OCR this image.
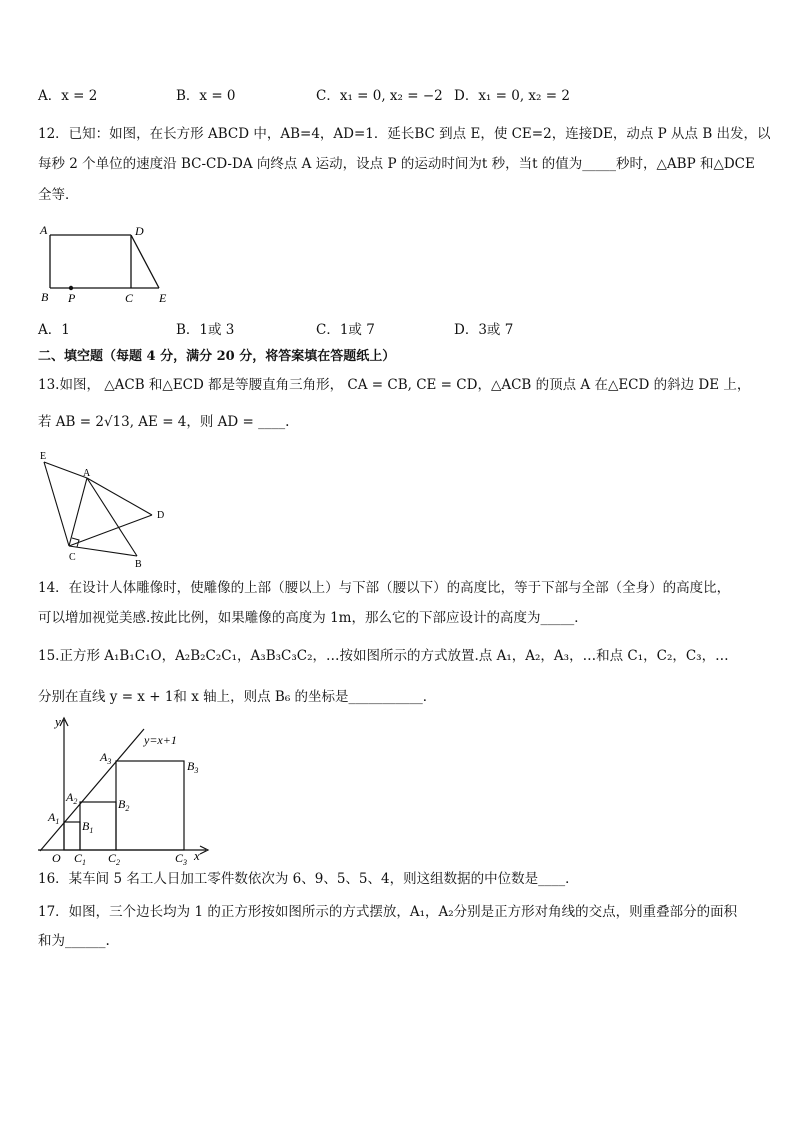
A．x = 2	B．x = 0	C．x₁ = 0, x₂ = −2 D．x₁ = 0, x₂ = 2
12．已知：如图，在长方形 ABCD 中，AB=4，AD=1．延长BC 到点 E，使 CE=2，连接DE，动点 P 从点 B 出发，以
每秒 2 个单位的速度沿 BC-CD-DA 向终点 A 运动，设点 P 的运动时间为t 秒，当t 的值为_____秒时，△ABP 和△DCE
全等．
A	D
B P	C E
A．1	B．1或 3	C．1或 7	D．3或 7
二、填空题（每题 4 分，满分 20 分，将答案填在答题纸上）
13.如图， △ACB 和△ECD 都是等腰直角三角形， CA = CB, CE = CD，△ACB 的顶点 A 在△ECD 的斜边 DE 上，
若 AB = 2√13, AE = 4，则 AD = ____.
E
A
D
C
B
14．在设计人体雕像时，使雕像的上部（腰以上）与下部（腰以下）的高度比，等于下部与全部（全身）的高度比，
可以增加视觉美感.按此比例，如果雕像的高度为 1m，那么它的下部应设计的高度为_____．
15.正方形 A₁B₁C₁O，A₂B₂C₂C₁，A₃B₃C₃C₂，…按如图所示的方式放置.点 A₁，A₂，A₃，…和点 C₁，C₂，C₃，…
分别在直线 y = x + 1和 x 轴上，则点 B₆ 的坐标是___________．
y
x
y=x+1
O
$A_1$
$A_2$
$A_3$
$B_1$
$B_2$
$B_3$
$C_1$ $C_2$	$C_3$
16．某车间 5 名工人日加工零件数依次为 6、9、5、5、4，则这组数据的中位数是____．
17．如图，三个边长均为 1 的正方形按如图所示的方式摆放，A₁，A₂分别是正方形对角线的交点，则重叠部分的面积
和为______.
